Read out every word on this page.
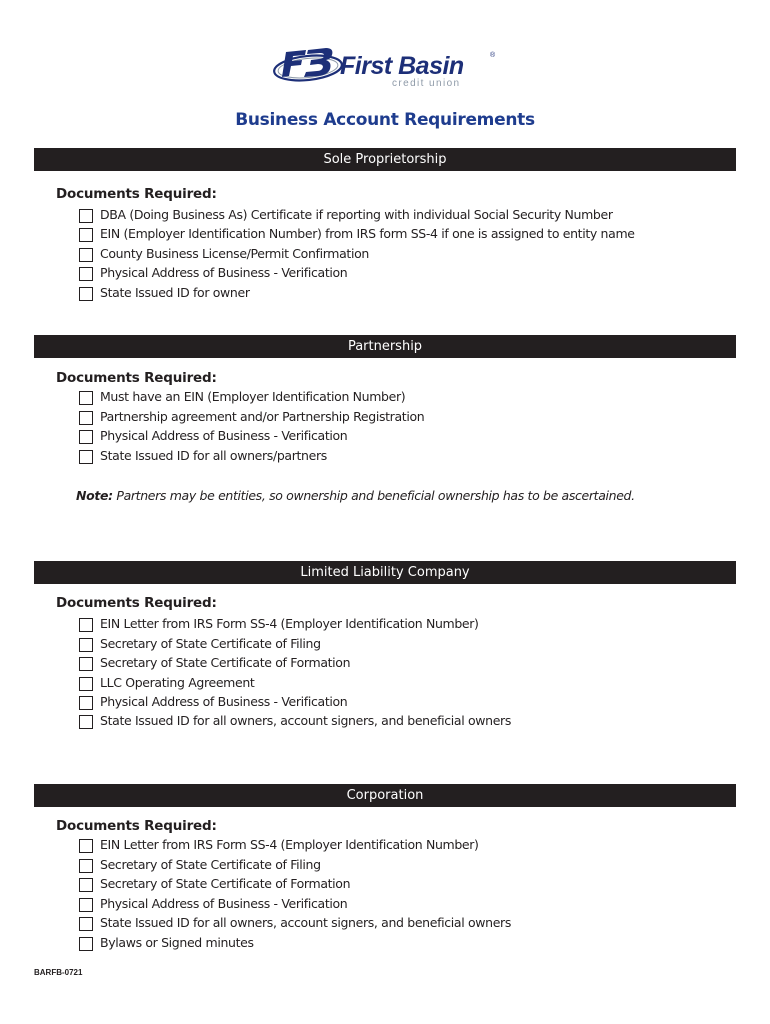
First Basin	®
credit union
Business Account Requirements
Sole Proprietorship
Documents Required:
DBA (Doing Business As) Certificate if reporting with individual Social Security Number
EIN (Employer Identification Number) from IRS form SS-4 if one is assigned to entity name
County Business License/Permit Confirmation
Physical Address of Business - Verification
State Issued ID for owner
Partnership
Documents Required:
Must have an EIN (Employer Identification Number)
Partnership agreement and/or Partnership Registration
Physical Address of Business - Verification
State Issued ID for all owners/partners
Note: Partners may be entities, so ownership and beneficial ownership has to be ascertained.
Limited Liability Company
Documents Required:
EIN Letter from IRS Form SS-4 (Employer Identification Number)
Secretary of State Certificate of Filing
Secretary of State Certificate of Formation
LLC Operating Agreement
Physical Address of Business - Verification
State Issued ID for all owners, account signers, and beneficial owners
Corporation
Documents Required:
EIN Letter from IRS Form SS-4 (Employer Identification Number)
Secretary of State Certificate of Filing
Secretary of State Certificate of Formation
Physical Address of Business - Verification
State Issued ID for all owners, account signers, and beneficial owners
Bylaws or Signed minutes
BARFB-0721
